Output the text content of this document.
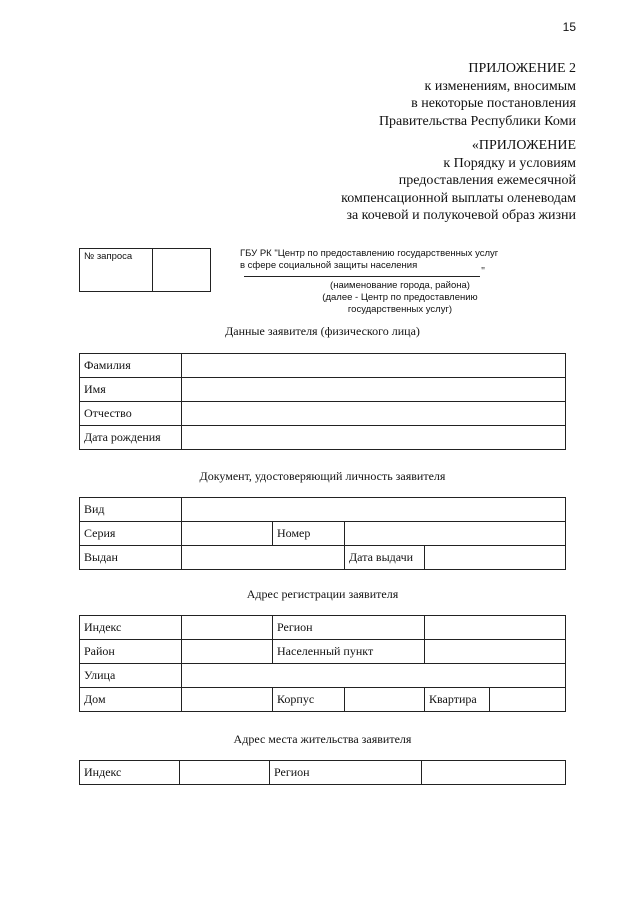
15
ПРИЛОЖЕНИЕ 2
к изменениям, вносимым
в некоторые постановления
Правительства Республики Коми
«ПРИЛОЖЕНИЕ
к Порядку и условиям
предоставления ежемесячной
компенсационной выплаты оленеводам
за кочевой и полукочевой образ жизни
№ запроса	ГБУ РК "Центр по предоставлению государственных услуг
в сфере социальной защиты населения
"
(наименование города, района)
(далее - Центр по предоставлению
государственных услуг)
Данные заявителя (физического лица)
Фамилия	
Имя	
Отчество	
Дата рождения	
Документ, удостоверяющий личность заявителя
Вид				
Серия		Номер		
Выдан			Дата выдачи	
Адрес регистрации заявителя
Индекс		Регион			
Район		Населенный пункт			
Улица					
Дом		Корпус		Квартира	
Адрес места жительства заявителя
Индекс		Регион	
